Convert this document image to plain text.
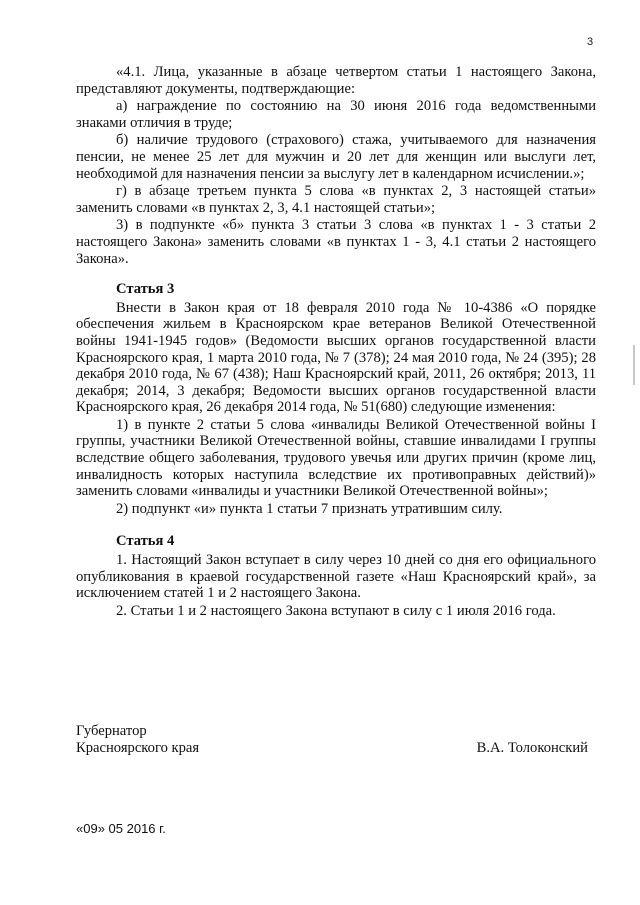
3

«4.1. Лица, указанные в абзаце четвертом статьи 1 настоящего Закона, представляют документы, подтверждающие:

а) награждение по состоянию на 30 июня 2016 года ведомственными знаками отличия в труде;

б) наличие трудового (страхового) стажа, учитываемого для назначения пенсии, не менее 25 лет для мужчин и 20 лет для женщин или выслуги лет, необходимой для назначения пенсии за выслугу лет в календарном исчислении.»;

г) в абзаце третьем пункта 5 слова «в пунктах 2, 3 настоящей статьи» заменить словами «в пунктах 2, 3, 4.1 настоящей статьи»;

3) в подпункте «б» пункта 3 статьи 3 слова «в пунктах 1 - 3 статьи 2 настоящего Закона» заменить словами «в пунктах 1 - 3, 4.1 статьи 2 настоящего Закона».

Статья 3

Внести в Закон края от 18 февраля 2010 года № 10-4386 «О порядке обеспечения жильем в Красноярском крае ветеранов Великой Отечественной войны 1941-1945 годов» (Ведомости высших органов государственной власти Красноярского края, 1 марта 2010 года, № 7 (378); 24 мая 2010 года, № 24 (395); 28 декабря 2010 года, № 67 (438); Наш Красноярский край, 2011, 26 октября; 2013, 11 декабря; 2014, 3 декабря; Ведомости высших органов государственной власти Красноярского края, 26 декабря 2014 года, № 51(680) следующие изменения:

1) в пункте 2 статьи 5 слова «инвалиды Великой Отечественной войны I группы, участники Великой Отечественной войны, ставшие инвалидами I группы вследствие общего заболевания, трудового увечья или других причин (кроме лиц, инвалидность которых наступила вследствие их противоправных действий)» заменить словами «инвалиды и участники Великой Отечественной войны»;

2) подпункт «и» пункта 1 статьи 7 признать утратившим силу.

Статья 4

1. Настоящий Закон вступает в силу через 10 дней со дня его официального опубликования в краевой государственной газете «Наш Красноярский край», за исключением статей 1 и 2 настоящего Закона.

2. Статьи 1 и 2 настоящего Закона вступают в силу с 1 июля 2016 года.

Губернатор
Красноярского края	В.А. Толоконский
«09» 05 2016 г.
